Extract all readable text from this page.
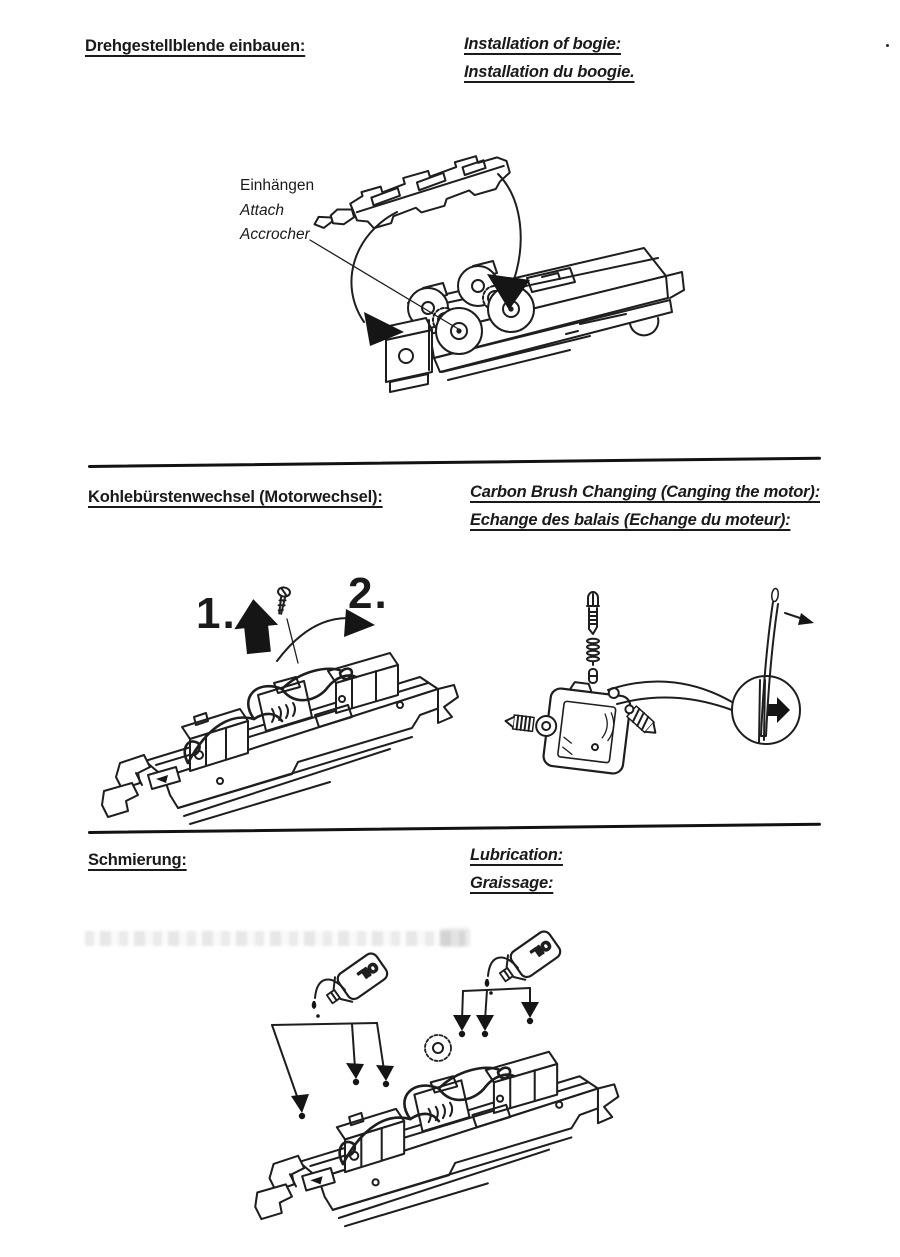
Drehgestellblende einbauen:	Installation of bogie:
Installation du boogie.
Einhängen
Attach
Accrocher
Kohlebürstenwechsel (Motorwechsel):	Carbon Brush Changing (Canging the motor):
Echange des balais (Echange du moteur):
1.	2.
Schmierung:	Lubrication:
Graissage:
OIL
OIL
